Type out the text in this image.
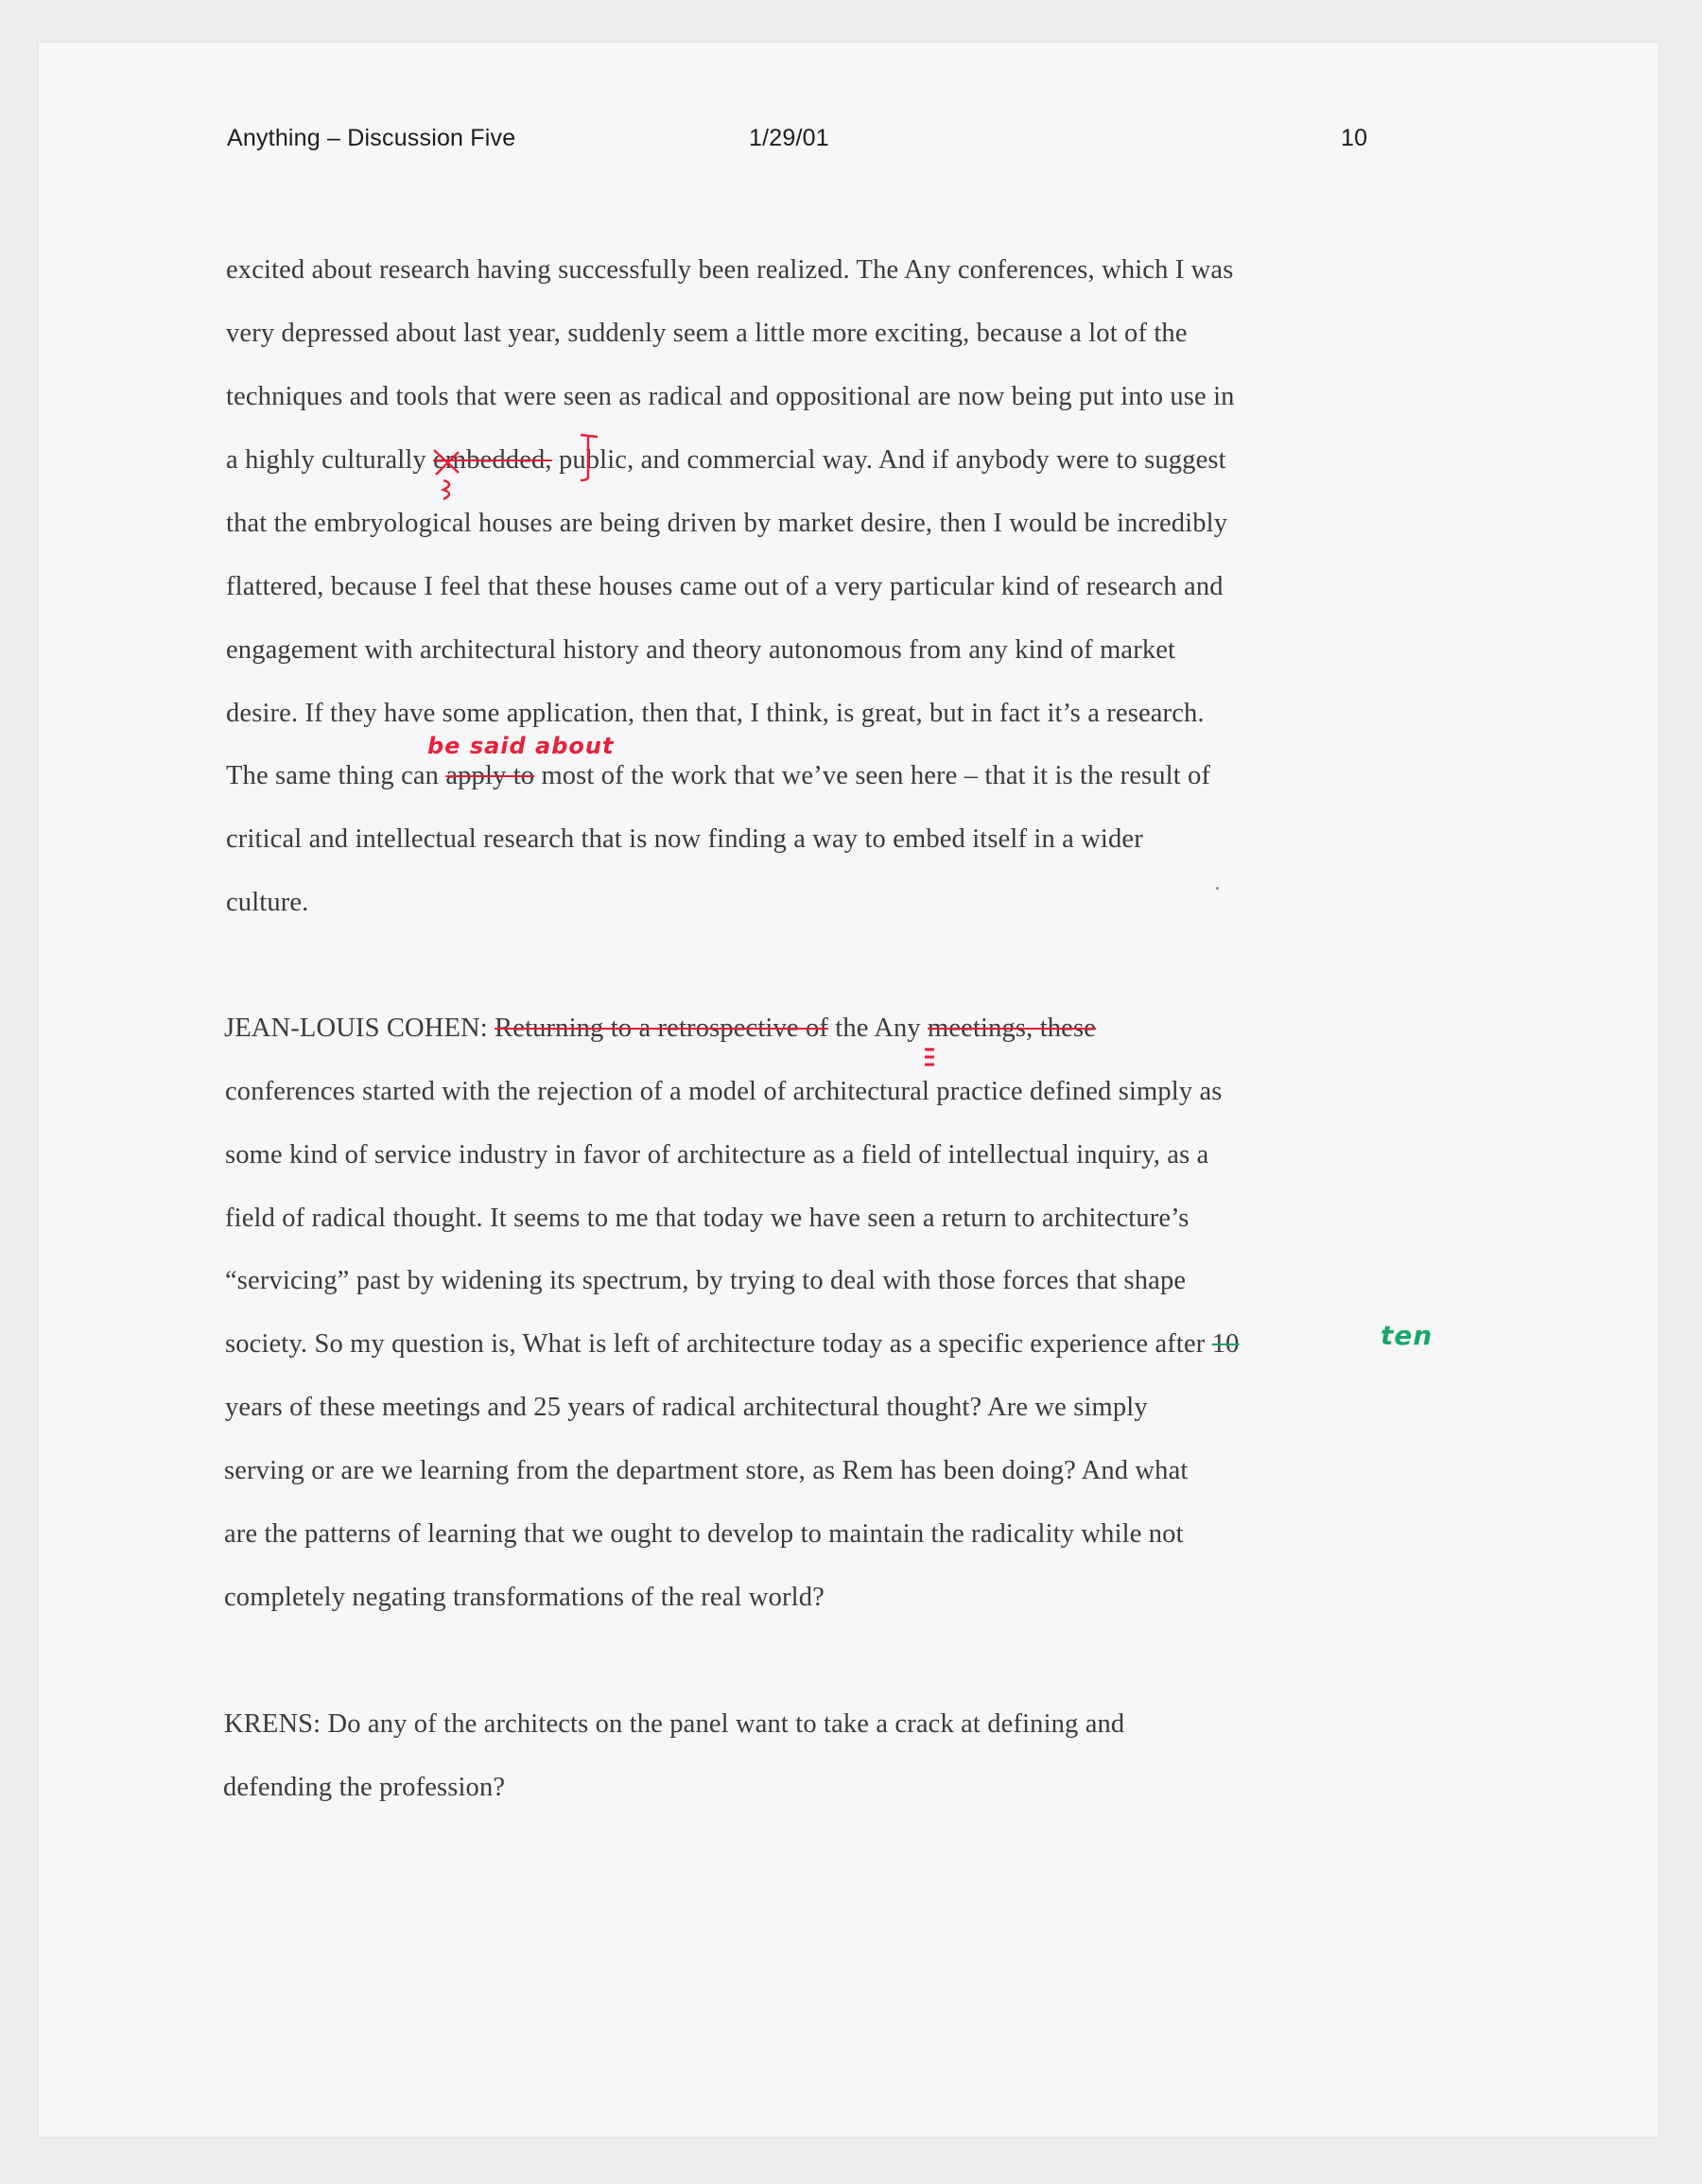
Anything – Discussion Five	1/29/01	10
excited about research having successfully been realized. The Any conferences, which I was
very depressed about last year, suddenly seem a little more exciting, because a lot of the
techniques and tools that were seen as radical and oppositional are now being put into use in
a highly culturally embedded, public, and commercial way. And if anybody were to suggest
that the embryological houses are being driven by market desire, then I would be incredibly
flattered, because I feel that these houses came out of a very particular kind of research and
engagement with architectural history and theory autonomous from any kind of market
desire. If they have some application, then that, I think, is great, but in fact it’s a research.
The same thing can apply to most of the work that we’ve seen here – that it is the result of
be said about
critical and intellectual research that is now finding a way to embed itself in a wider
culture.
JEAN-LOUIS COHEN: Returning to a retrospective of the Any meetings, these
conferences started with the rejection of a model of architectural practice defined simply as
some kind of service industry in favor of architecture as a field of intellectual inquiry, as a
field of radical thought. It seems to me that today we have seen a return to architecture’s
“servicing” past by widening its spectrum, by trying to deal with those forces that shape
society. So my question is, What is left of architecture today as a specific experience after 10	ten
years of these meetings and 25 years of radical architectural thought? Are we simply
serving or are we learning from the department store, as Rem has been doing? And what
are the patterns of learning that we ought to develop to maintain the radicality while not
completely negating transformations of the real world?
KRENS: Do any of the architects on the panel want to take a crack at defining and
defending the profession?
